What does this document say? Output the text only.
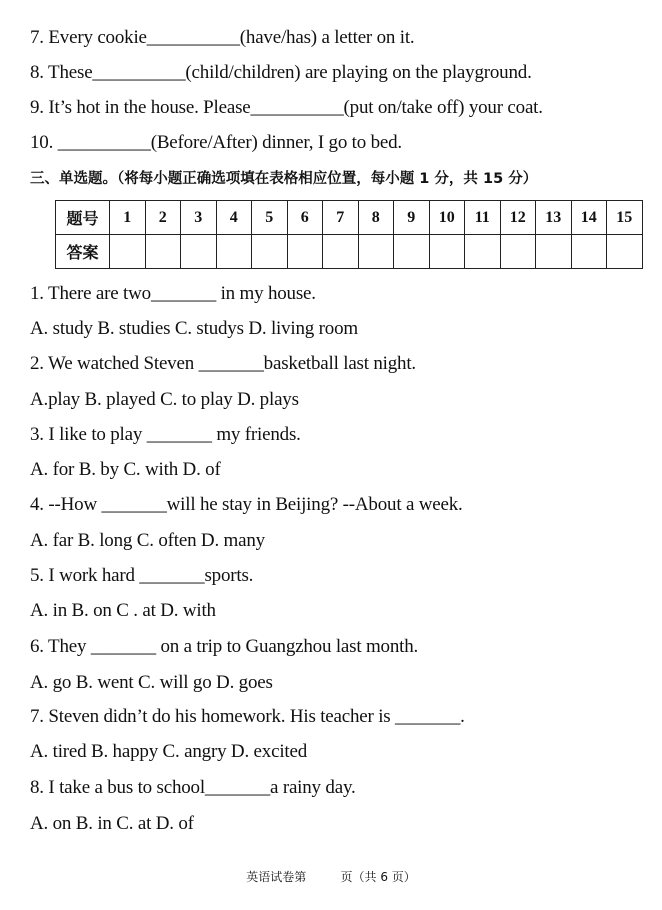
7. Every cookie__________(have/has) a letter on it.
8. These__________(child/children) are playing on the playground.
9. It’s hot in the house. Please__________(put on/take off) your coat.
10. __________(Before/After) dinner, I go to bed.
三、单选题。（将每小题正确选项填在表格相应位置，每小题 1 分，共 15 分）
题号	1	2	3	4	5	6	7	8	9	10	11	12	13	14	15
答案															
1. There are two_______ in my house.
A. study B. studies C. studys D. living room
2. We watched Steven _______basketball last night.
A.play B. played C. to play D. plays
3. I like to play _______ my friends.
A. for B. by C. with D. of
4. --How _______will he stay in Beijing? --About a week.
A. far B. long C. often D. many
5. I work hard _______sports.
A. in B. on C . at D. with
6. They _______ on a trip to Guangzhou last month.
A. go B. went C. will go D. goes
7. Steven didn’t do his homework. His teacher is _______.
A. tired B. happy C. angry D. excited
8. I take a bus to school_______a rainy day.
A. on B. in C. at D. of
英语试卷第         页（共 6 页）
